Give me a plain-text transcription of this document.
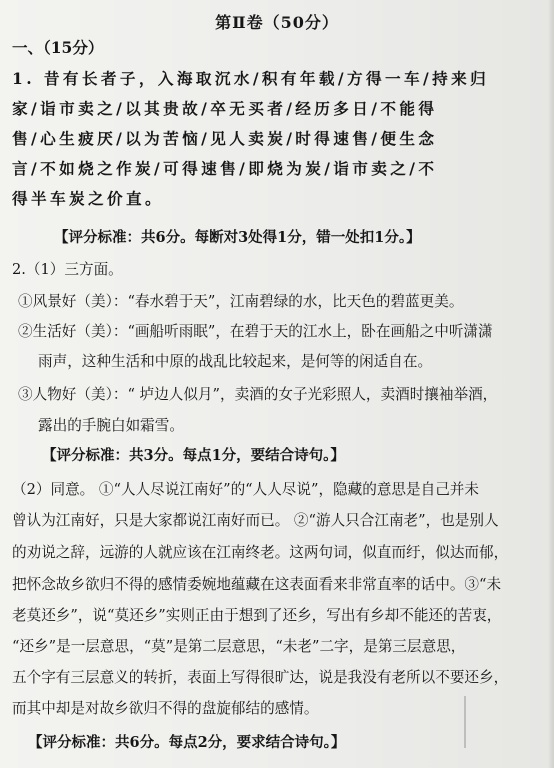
第Ⅱ卷（50分）
一、（15分）
1. 昔有长者子，入海取沉水/积有年载/方得一车/持来归
家/诣市卖之/以其贵故/卒无买者/经历多日/不能得
售/心生疲厌/以为苦恼/见人卖炭/时得速售/便生念
言/不如烧之作炭/可得速售/即烧为炭/诣市卖之/不
得半车炭之价直。
【评分标准：共6分。每断对3处得1分，错一处扣1分。】
2.（1）三方面。
①风景好（美）：“春水碧于天”，江南碧绿的水，比天色的碧蓝更美。
②生活好（美）：“画船听雨眠”，在碧于天的江水上，卧在画船之中听潇潇
雨声，这种生活和中原的战乱比较起来，是何等的闲适自在。
③人物好（美）：“ 垆边人似月”，卖酒的女子光彩照人，卖酒时攘袖举酒，
露出的手腕白如霜雪。
【评分标准：共3分。每点1分，要结合诗句。】
（2）同意。 ①“人人尽说江南好”的“人人尽说”，隐藏的意思是自己并未
曾认为江南好，只是大家都说江南好而已。 ②“游人只合江南老”，也是别人
的劝说之辞，远游的人就应该在江南终老。这两句词，似直而纡，似达而郁，
把怀念故乡欲归不得的感情委婉地蕴藏在这表面看来非常直率的话中。③“未
老莫还乡”，说“莫还乡”实则正由于想到了还乡，写出有乡却不能还的苦衷，
“还乡”是一层意思，“莫”是第二层意思，“未老”二字，是第三层意思，
五个字有三层意义的转折，表面上写得很旷达，说是我没有老所以不要还乡，
而其中却是对故乡欲归不得的盘旋郁结的感情。
【评分标准：共6分。每点2分，要求结合诗句。】
